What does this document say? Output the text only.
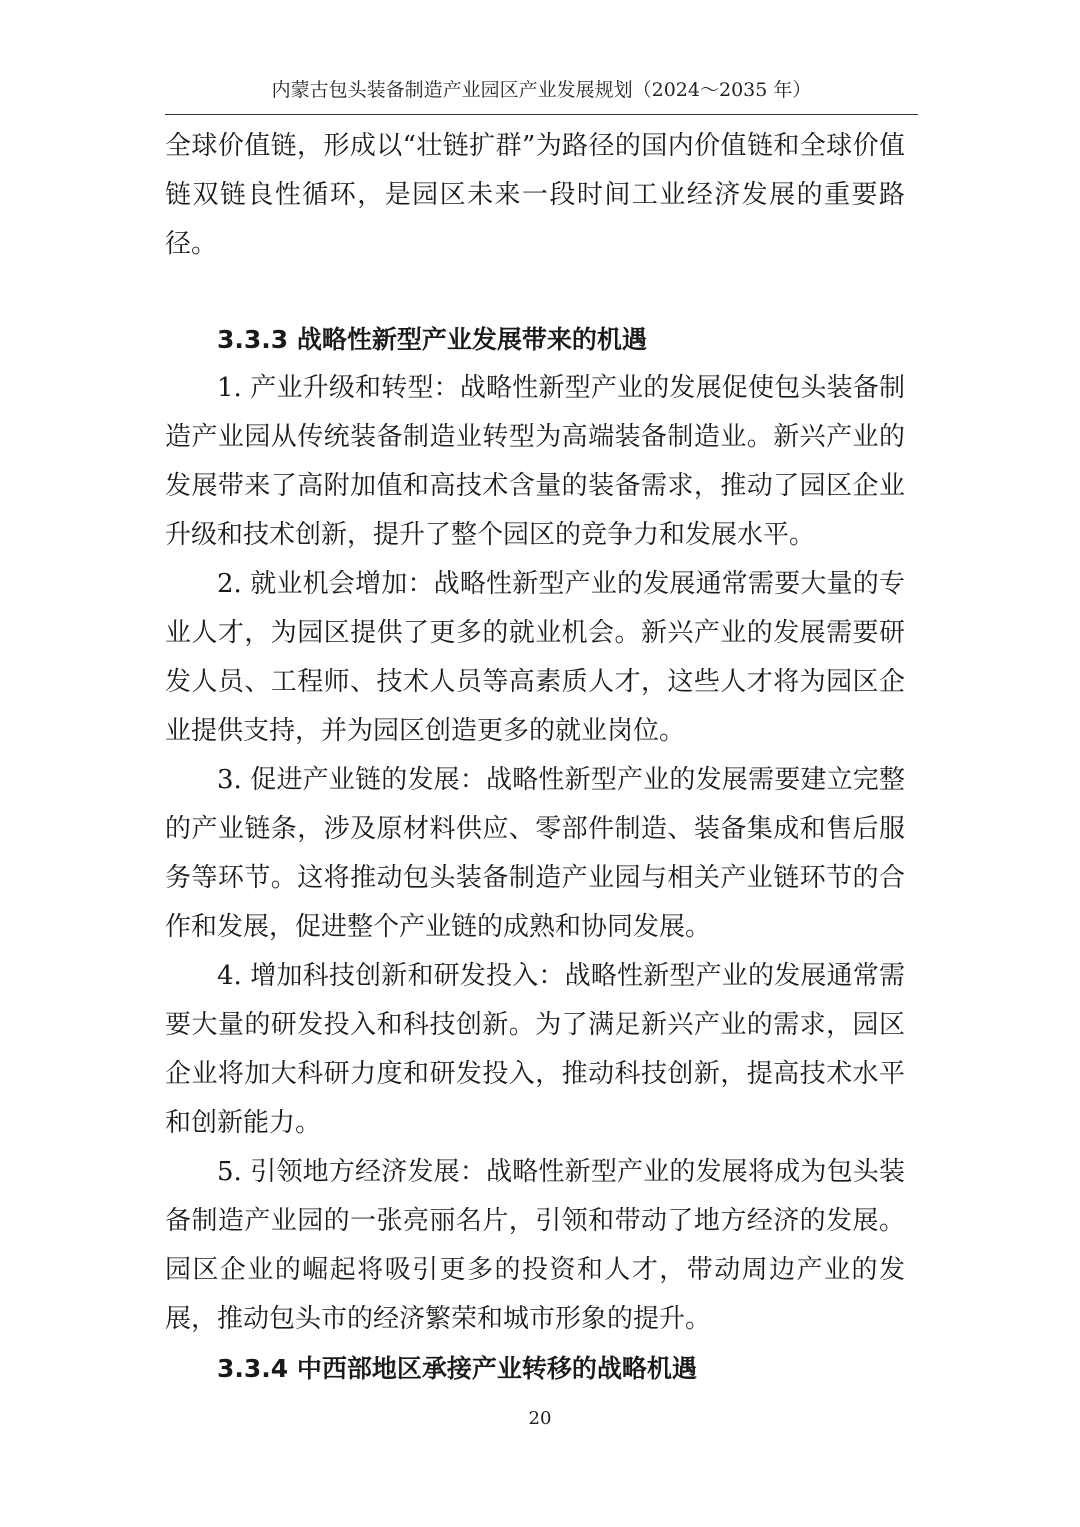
内蒙古包头装备制造产业园区产业发展规划（2024～2035 年）

全球价值链，形成以“壮链扩群”为路径的国内价值链和全球价值链双链良性循环，是园区未来一段时间工业经济发展的重要路径。

3.3.3 战略性新型产业发展带来的机遇

1. 产业升级和转型：战略性新型产业的发展促使包头装备制造产业园从传统装备制造业转型为高端装备制造业。新兴产业的发展带来了高附加值和高技术含量的装备需求，推动了园区企业升级和技术创新，提升了整个园区的竞争力和发展水平。

2. 就业机会增加：战略性新型产业的发展通常需要大量的专业人才，为园区提供了更多的就业机会。新兴产业的发展需要研发人员、工程师、技术人员等高素质人才，这些人才将为园区企业提供支持，并为园区创造更多的就业岗位。

3. 促进产业链的发展：战略性新型产业的发展需要建立完整的产业链条，涉及原材料供应、零部件制造、装备集成和售后服务等环节。这将推动包头装备制造产业园与相关产业链环节的合作和发展，促进整个产业链的成熟和协同发展。

4. 增加科技创新和研发投入：战略性新型产业的发展通常需要大量的研发投入和科技创新。为了满足新兴产业的需求，园区企业将加大科研力度和研发投入，推动科技创新，提高技术水平和创新能力。

5. 引领地方经济发展：战略性新型产业的发展将成为包头装备制造产业园的一张亮丽名片，引领和带动了地方经济的发展。园区企业的崛起将吸引更多的投资和人才，带动周边产业的发展，推动包头市的经济繁荣和城市形象的提升。

3.3.4 中西部地区承接产业转移的战略机遇
20
